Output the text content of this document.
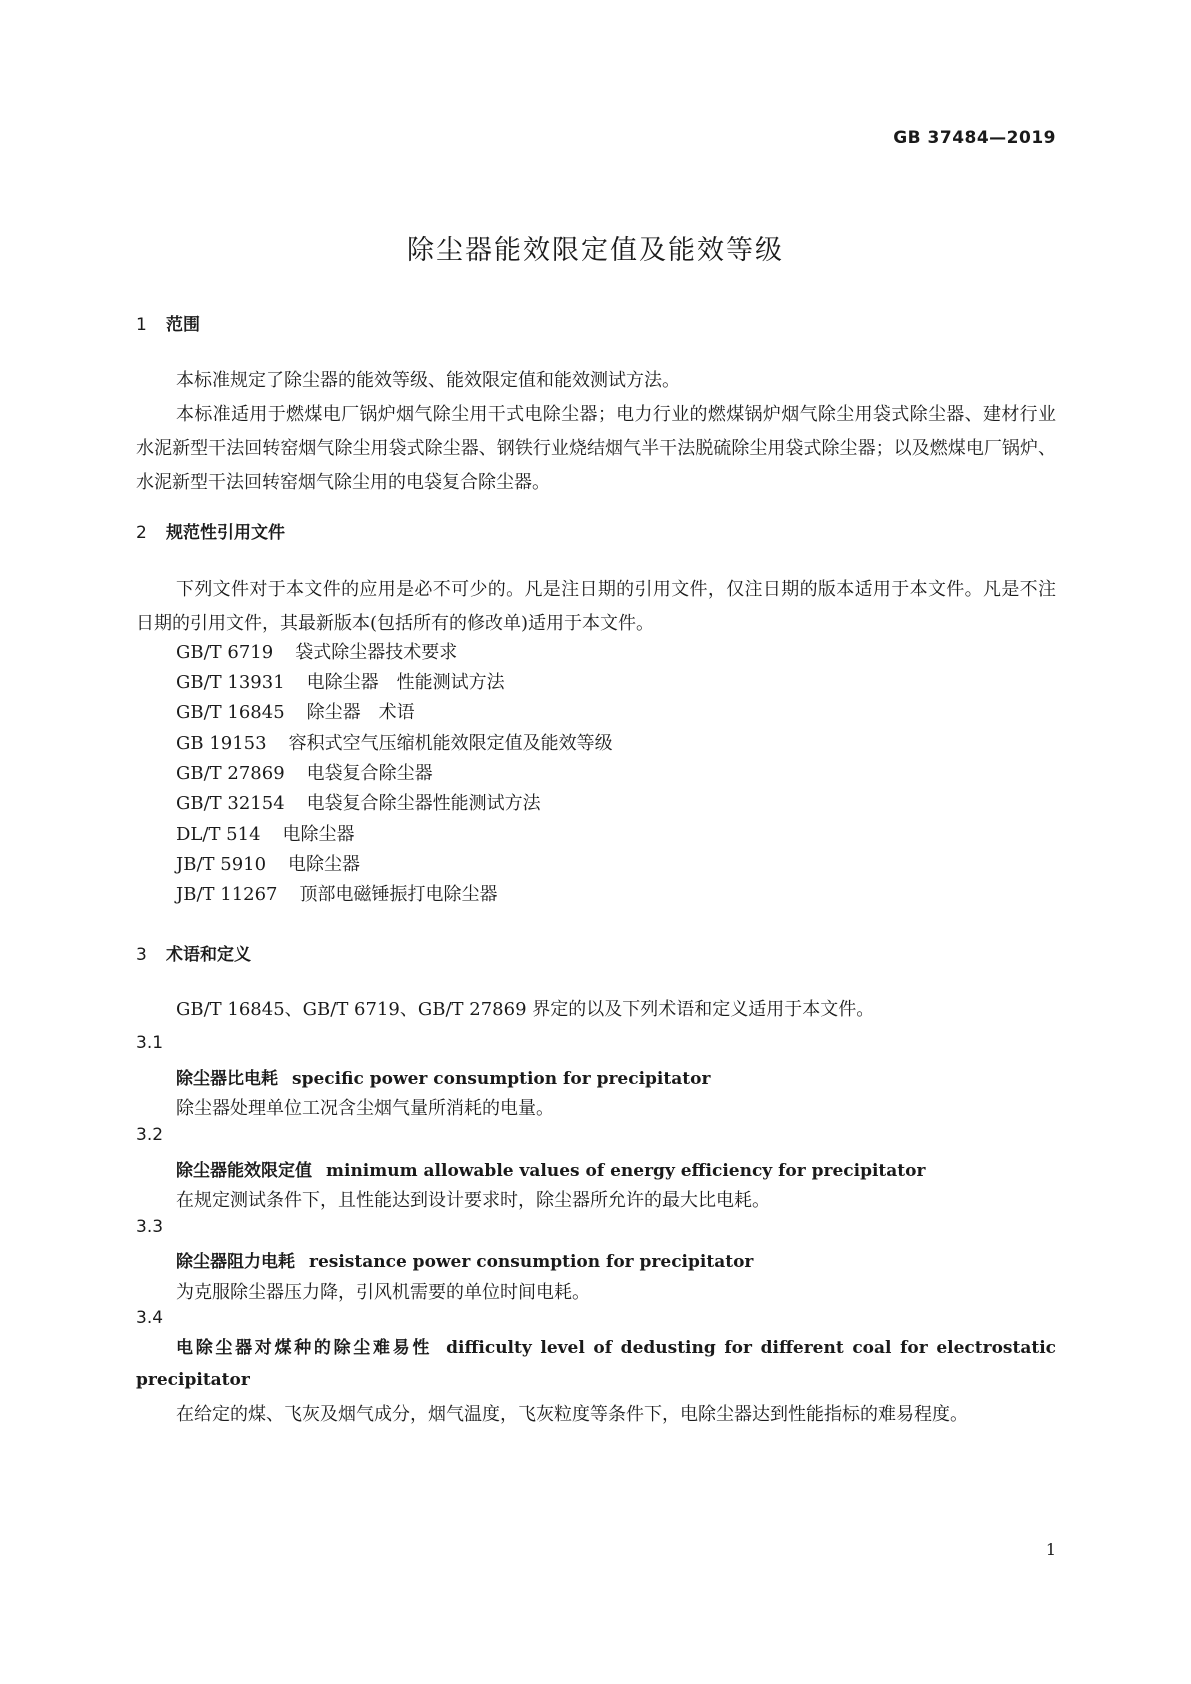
GB 37484—2019
除尘器能效限定值及能效等级
1 范围

本标准规定了除尘器的能效等级、能效限定值和能效测试方法。

本标准适用于燃煤电厂锅炉烟气除尘用干式电除尘器；电力行业的燃煤锅炉烟气除尘用袋式除尘器、建材行业水泥新型干法回转窑烟气除尘用袋式除尘器、钢铁行业烧结烟气半干法脱硫除尘用袋式除尘器；以及燃煤电厂锅炉、水泥新型干法回转窑烟气除尘用的电袋复合除尘器。

2 规范性引用文件

下列文件对于本文件的应用是必不可少的。凡是注日期的引用文件，仅注日期的版本适用于本文件。凡是不注日期的引用文件，其最新版本(包括所有的修改单)适用于本文件。

GB/T 6719 袋式除尘器技术要求
GB/T 13931 电除尘器　性能测试方法
GB/T 16845 除尘器　术语
GB 19153 容积式空气压缩机能效限定值及能效等级
GB/T 27869 电袋复合除尘器
GB/T 32154 电袋复合除尘器性能测试方法
DL/T 514 电除尘器
JB/T 5910 电除尘器
JB/T 11267 顶部电磁锤振打电除尘器
3 术语和定义
GB/T 16845、GB/T 6719、GB/T 27869 界定的以及下列术语和定义适用于本文件。
3.1
除尘器比电耗 specific power consumption for precipitator
除尘器处理单位工况含尘烟气量所消耗的电量。
3.2
除尘器能效限定值 minimum allowable values of energy efficiency for precipitator
在规定测试条件下，且性能达到设计要求时，除尘器所允许的最大比电耗。
3.3
除尘器阻力电耗 resistance power consumption for precipitator
为克服除尘器压力降，引风机需要的单位时间电耗。
3.4
电除尘器对煤种的除尘难易性 difficulty level of dedusting for different coal for electrostatic precipitator
在给定的煤、飞灰及烟气成分，烟气温度，飞灰粒度等条件下，电除尘器达到性能指标的难易程度。
1
